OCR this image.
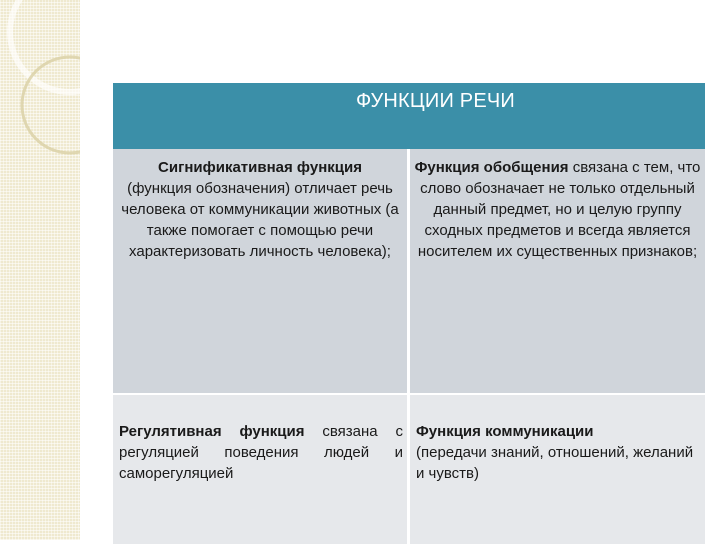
ФУНКЦИИ РЕЧИ
Сигнификативная функция
(функция обозначения) отличает речь человека от коммуникации животных (а также помогает с помощью речи характеризовать личность человека);
Функция обобщения связана с тем, что слово обозначает не только отдельный данный предмет, но и целую группу сходных предметов и всегда является носителем их существенных признаков;
Регулятивная функция связана с регуляцией поведения людей и саморегуляцией
Функция коммуникации
(передачи знаний, отношений, желаний и чувств)
